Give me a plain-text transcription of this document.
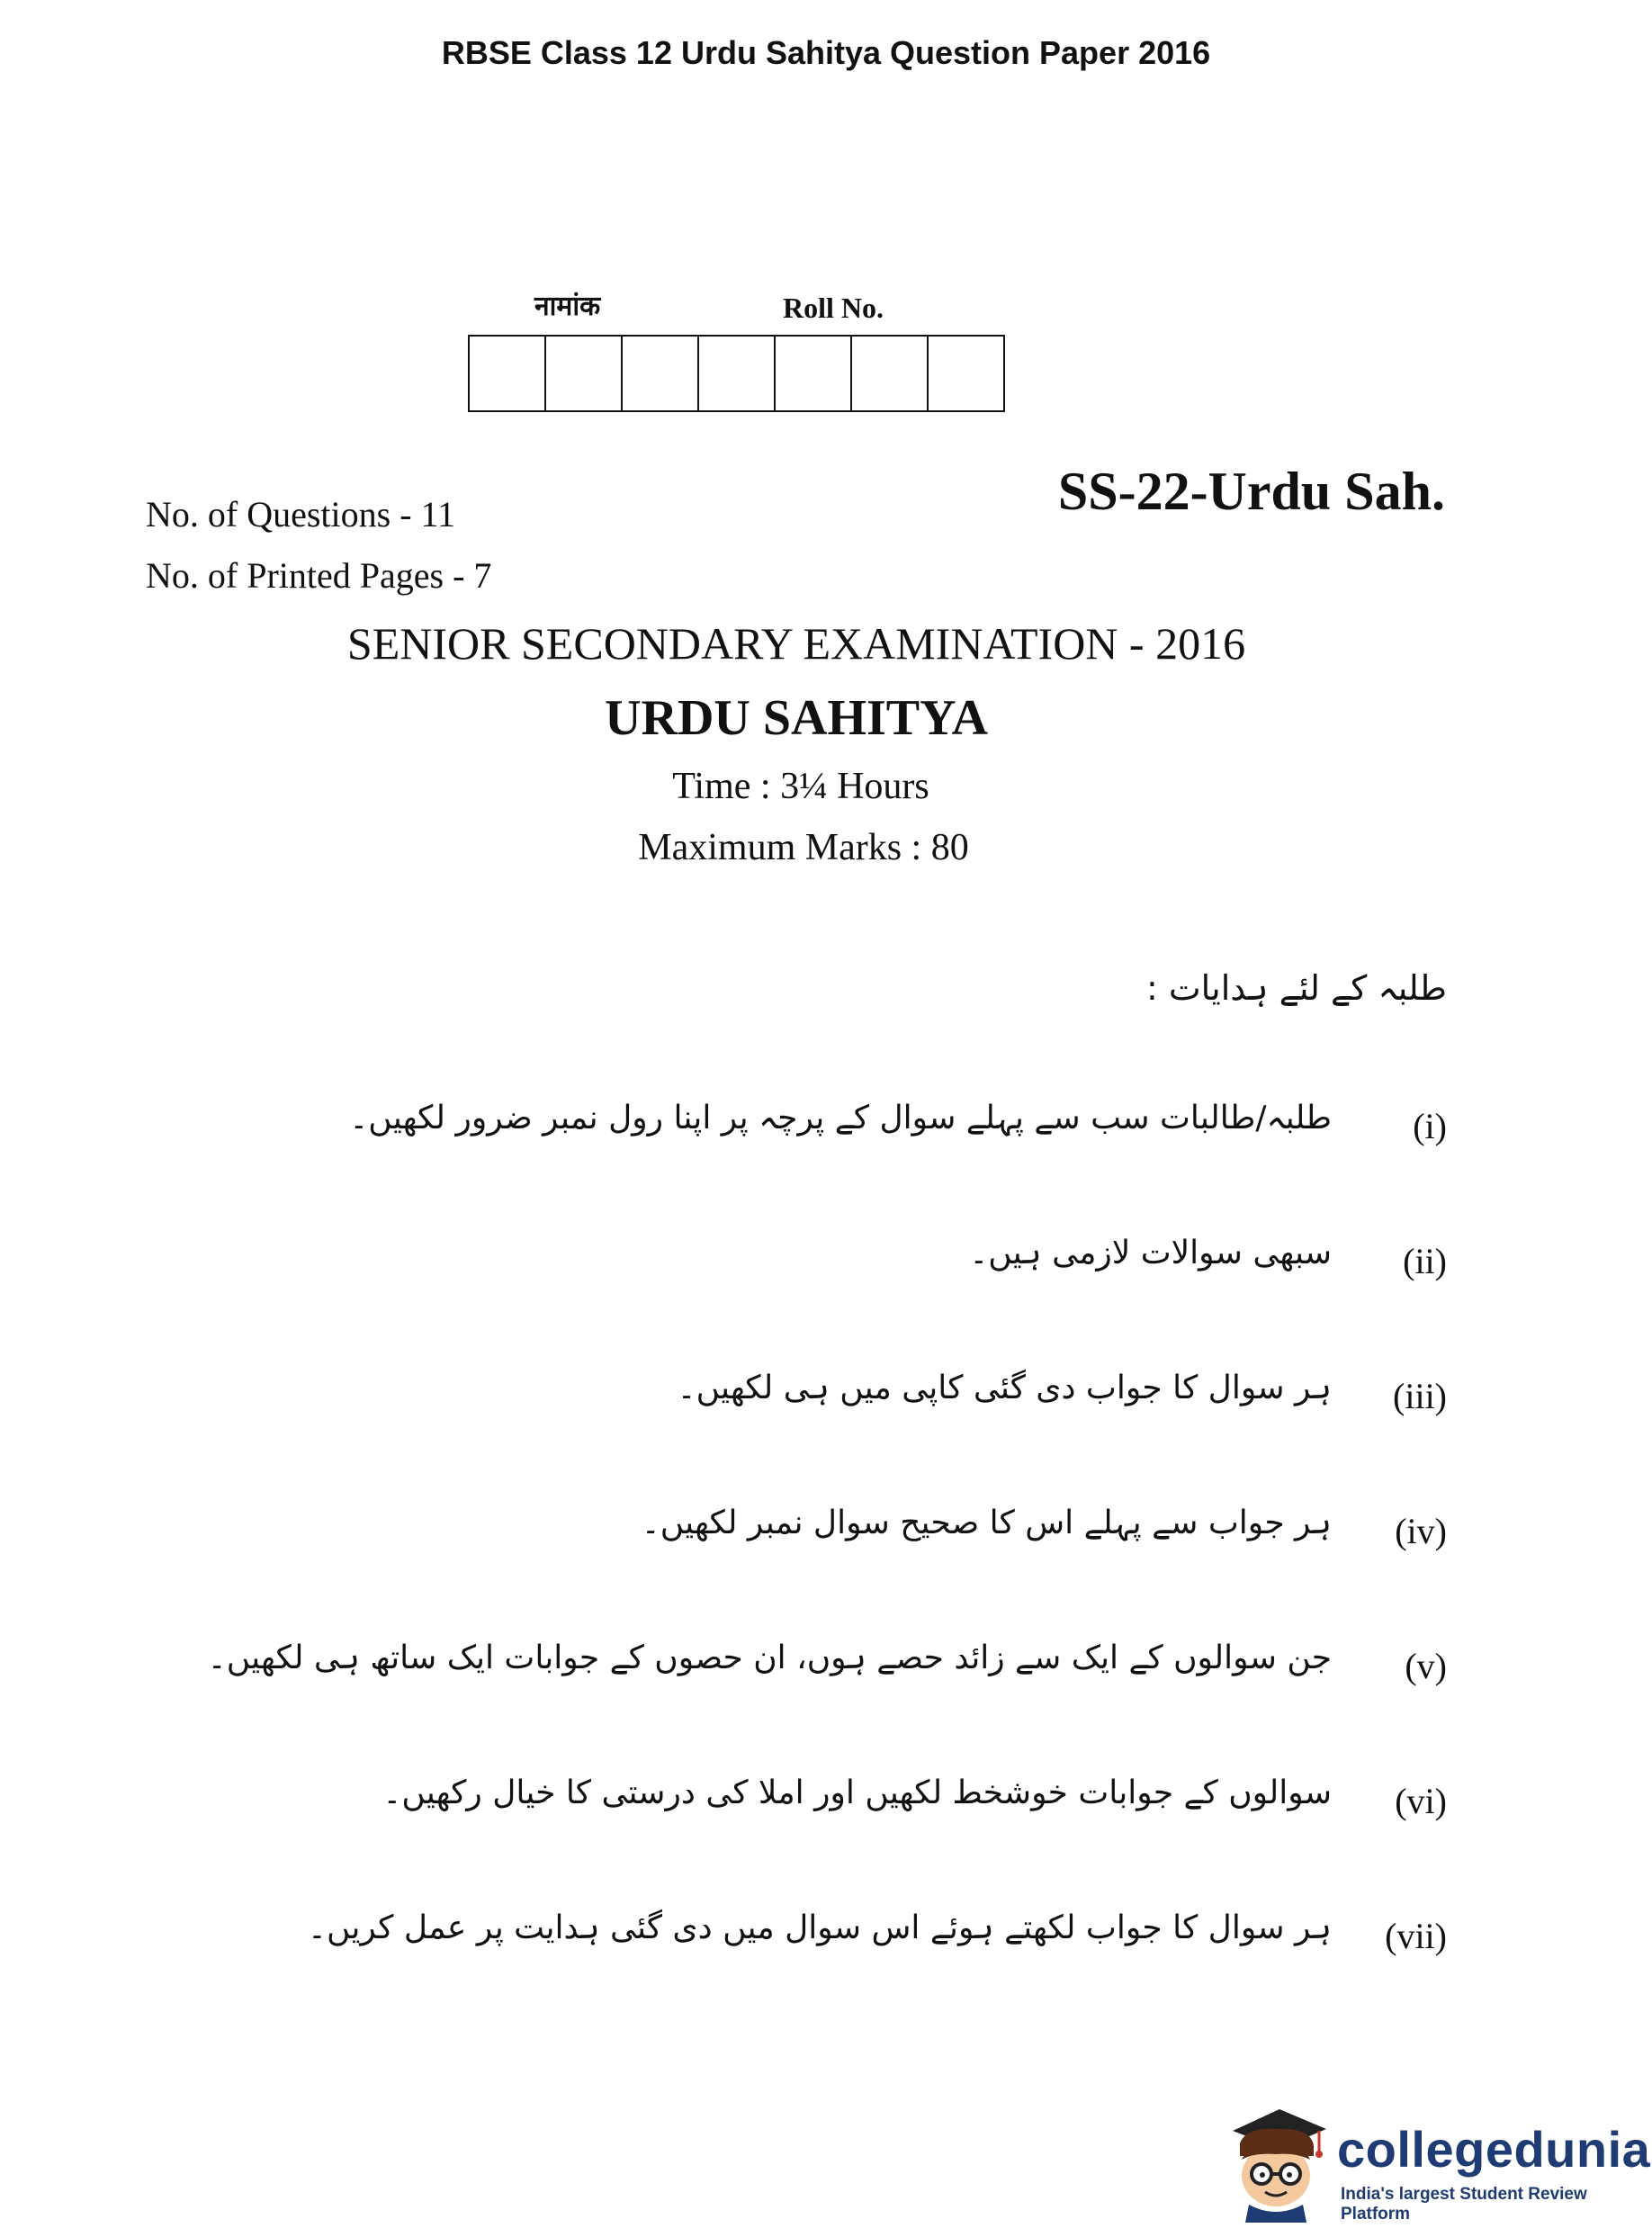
RBSE Class 12 Urdu Sahitya Question Paper 2016
नामांक	Roll No.
SS-22-Urdu Sah.
No. of Questions - 11
No. of Printed Pages - 7
SENIOR SECONDARY EXAMINATION - 2016
URDU SAHITYA
Time : 3¼ Hours
Maximum Marks : 80
طلبہ کے لئے ہدایات :
(i)
طلبہ/طالبات سب سے پہلے سوال کے پرچہ پر اپنا رول نمبر ضرور لکھیں۔
(ii)
سبھی سوالات لازمی ہیں۔
(iii)
ہر سوال کا جواب دی گئی کاپی میں ہی لکھیں۔
(iv)
ہر جواب سے پہلے اس کا صحیح سوال نمبر لکھیں۔
(v)
جن سوالوں کے ایک سے زائد حصے ہوں، ان حصوں کے جوابات ایک ساتھ ہی لکھیں۔
(vi)
سوالوں کے جوابات خوشخط لکھیں اور املا کی درستی کا خیال رکھیں۔
(vii)
ہر سوال کا جواب لکھتے ہوئے اس سوال میں دی گئی ہدایت پر عمل کریں۔
collegedunia
India's largest Student Review Platform
